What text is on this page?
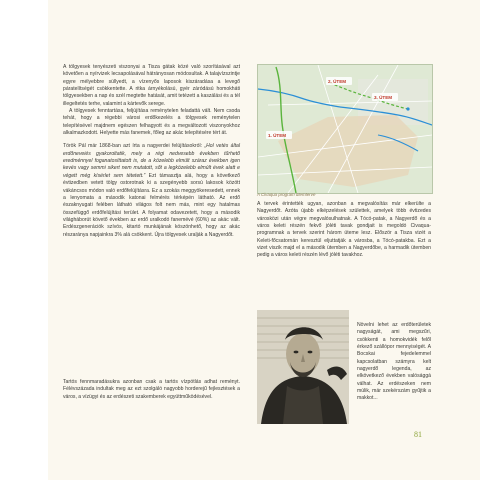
A tölgyesek tenyészeti viszonyai a Tisza gátak közé való szorításával azt követően a nyírvizek lecsapolásával hátrányosan módosultak. A talajvízszintje egyre mélyebbre süllyedt, a vízenyős laposok kiszáradása a levegő páratelítségét csökkentette. A ritka árnyékolású, gyér záródású homokháti tölgyesekben a nap és szél megtette hatását, amit tetézett a kaszálási és a tél illegeltetés terhe, valamint a kártevők serege.

A tölgyesek fenntartása, feljújítása reménytelen feladattá vált. Nem csoda tehát, hogy a régebbi városi erdőkezelés a tölgyesek reménytelen telepítésével majdnem egészen felhagyott és a megváltozott viszonyokhoz alkalmazkodott. Helyette más fanemek, főleg az akác telepítésére tért át.

Török Pál már 1868-ban azt írta a nagyerdei felújításokról: „Hol vetés által erdőneveiés gyakoroltatik, mely a régi nedvesebb években tűrhető eredménnyel foganatosíttatott is, de a közelebb elmúlt száraz években igen kevés vagy semmi sikert nem mutatott, sőt a legközelebb elmúlt évek alatt e végett még kísérlet sem tétetett.” Ezt támasztja alá, hogy a következő évtizedben vetett tölgy ostorotnak ki a szegényebb sorsú lakosok között vákáncsos módon való erdőfelújításra. Ez a szokás meggyökeresedett, ennek a lenyomata a második katonai felmérés térképén látható. Az erdő északnyugati felében látható világos folt nem más, mint egy hatalmas összefüggő erdőfelújítási terület. A folyamat odavezetett, hogy a második világháborút követő években az erdő uralkodó fanemévé (60%) az akác vált. Erdészgenerációk szívós, kitartó munkájának köszönhető, hogy az akác részaránya napjainkra 3% alá csökkent. Újra tölgyesek uralják a Nagyerdőt.

Tartós fennmaradásukra azonban csak a tartós vízpótlás adhat reményt. Félévszázada indultak meg az ezt szolgáló nagyobb horderejű fejlesztések a város, a vízügyi és az erdészeti szakemberek együttműködésével.

2. ÜTEM
3. ÜTEM
1. ÜTEM
A Civaqua program ütemterve

A tervek érintették ugyan, azonban a megvalósítás már elkerülte a Nagyerdőt. Azóta újabb elképzelések születtek, amelyek több évtizedes városközi után végre megvalósulhatnak. A Tócó-patak, a Nagyerdő és a város keleti részén fekvő jóléti tavak gondjait is megoldó Civaqua-programnak a tervek szerint három üteme lesz. Először a Tisza vizét a Keleti-főcsatornán keresztül eljuttatják a városba, a Tócó-patakba. Ezt a vizet viszik majd el a második ütemben a Nagyerdőbe, a harmadik ütemben pedig a város keleti részén lévő jóléti tavakhoz.

Növelni lehet az erdőterületek nagyságát, ami megszűri, csökkenti a homokvidék felől érkező szállópor mennyiségét. A Bocskai fejedelemmel kapcsolatban számyra kelt nagyerdő legenda, az elkövetkező években valósággá válhat. Az erdészeken nem múlik, már szekérszám gyűjtik a makkot...

81
